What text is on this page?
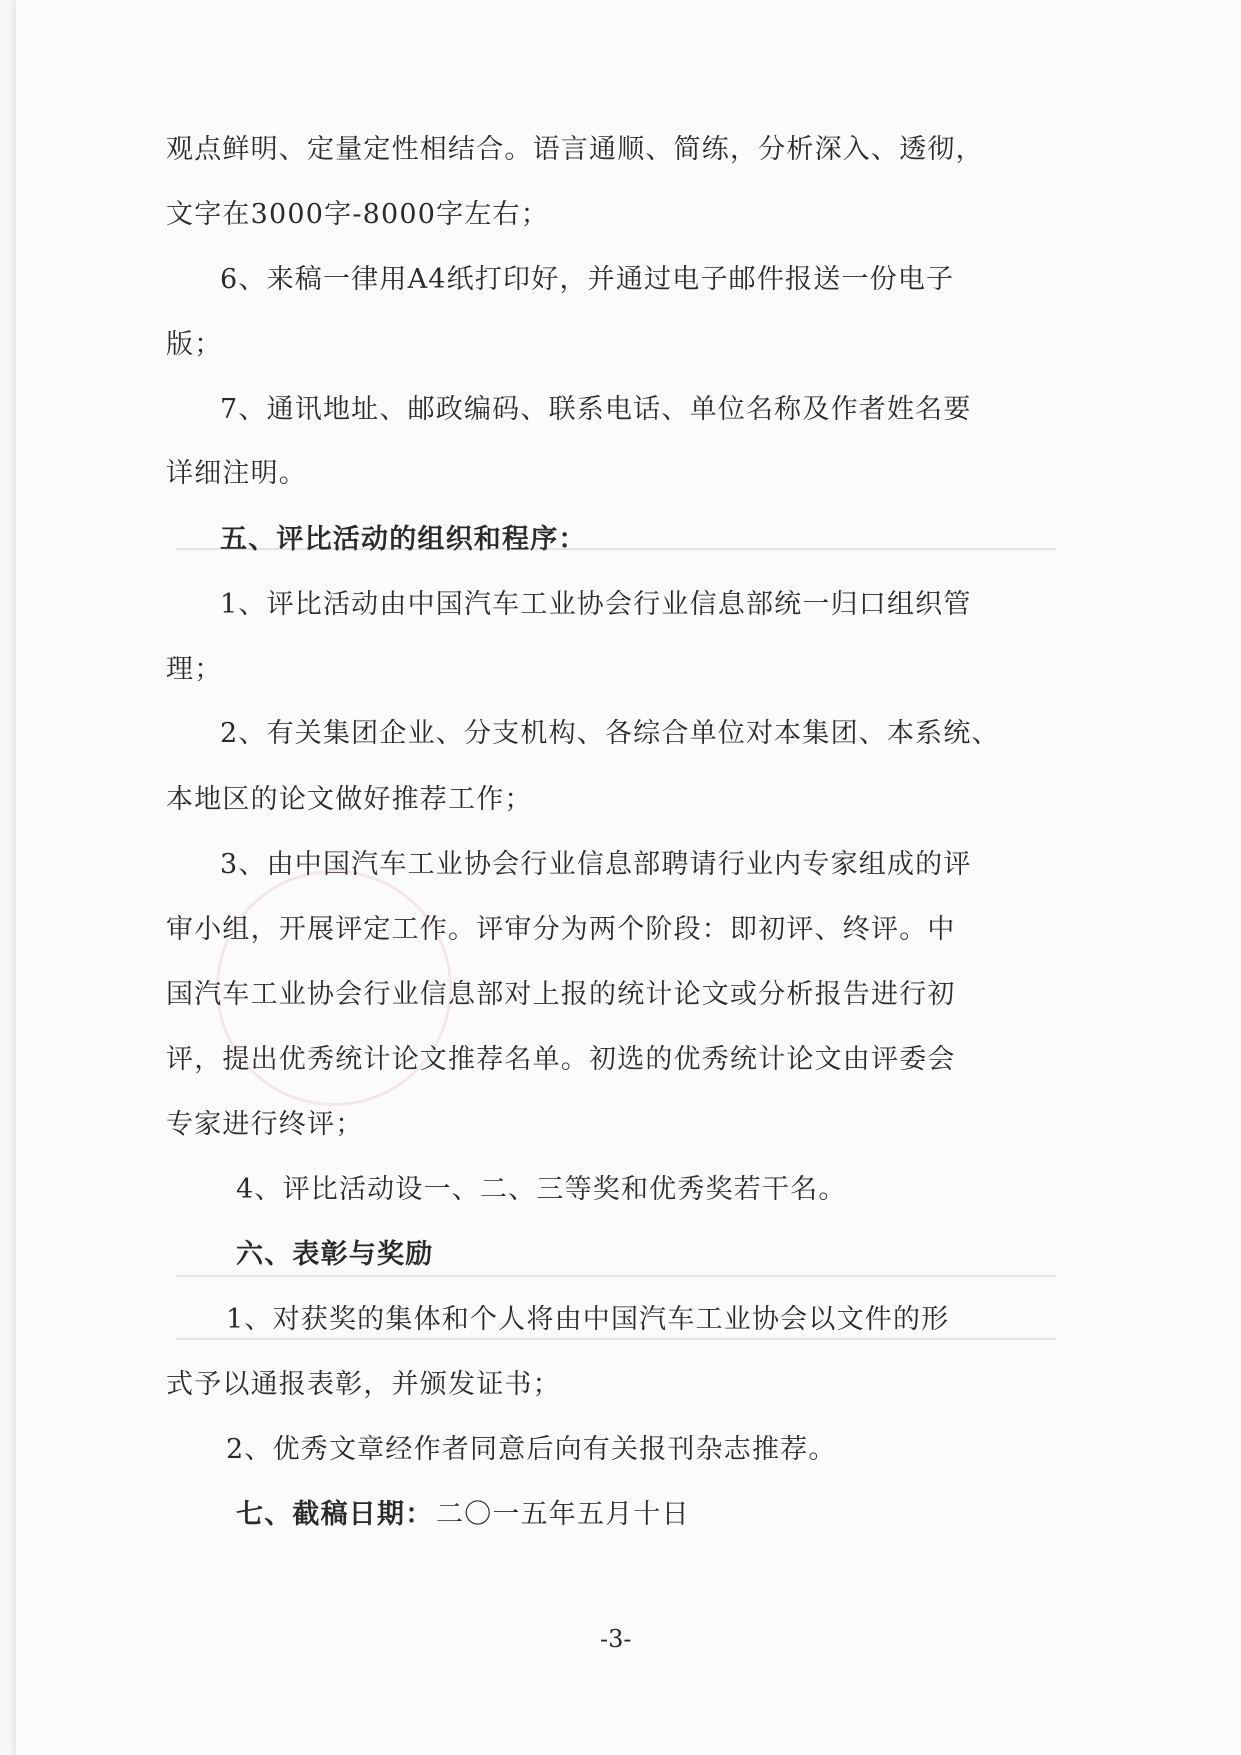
观点鲜明、定量定性相结合。语言通顺、简练，分析深入、透彻，
文字在3000字-8000字左右；
6、来稿一律用A4纸打印好，并通过电子邮件报送一份电子
版；
7、通讯地址、邮政编码、联系电话、单位名称及作者姓名要
详细注明。
五、评比活动的组织和程序：
1、评比活动由中国汽车工业协会行业信息部统一归口组织管
理；
2、有关集团企业、分支机构、各综合单位对本集团、本系统、
本地区的论文做好推荐工作；
3、由中国汽车工业协会行业信息部聘请行业内专家组成的评
审小组，开展评定工作。评审分为两个阶段：即初评、终评。中
国汽车工业协会行业信息部对上报的统计论文或分析报告进行初
评，提出优秀统计论文推荐名单。初选的优秀统计论文由评委会
专家进行终评；
4、评比活动设一、二、三等奖和优秀奖若干名。
六、表彰与奖励
1、对获奖的集体和个人将由中国汽车工业协会以文件的形
式予以通报表彰，并颁发证书；
2、优秀文章经作者同意后向有关报刊杂志推荐。
七、截稿日期： 二〇一五年五月十日
-3-
